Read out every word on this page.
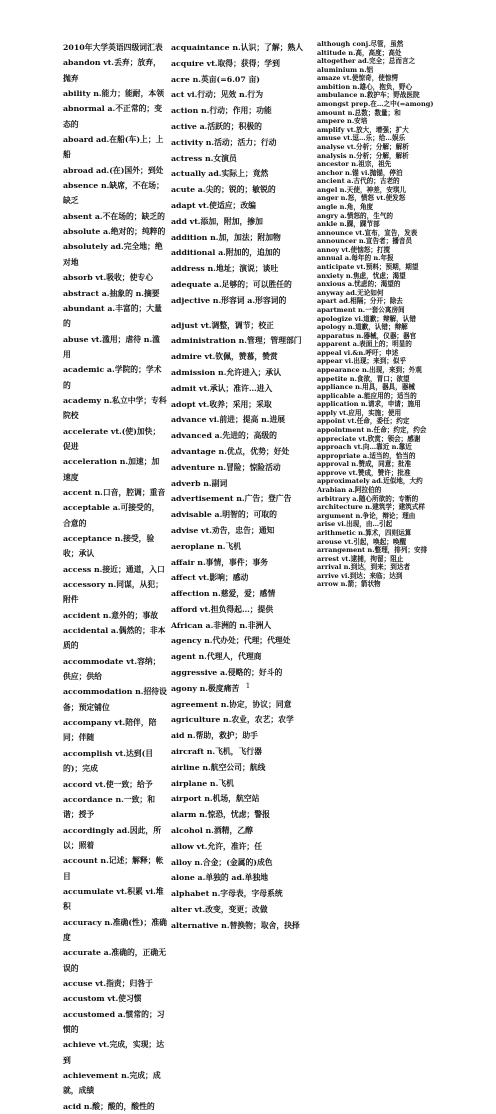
2010年大学英语四级词汇表
abandon vt.丢弃；放弃，抛弃
ability n.能力；能耐，本领
abnormal a.不正常的；变态的
aboard ad.在船(车)上；上船
abroad ad.(在)国外；到处
absence n.缺席，不在场；缺乏
absent a.不在场的；缺乏的
absolute a.绝对的；纯粹的
absolutely ad.完全地；绝对地
absorb vt.吸收；使专心
abstract a.抽象的 n.摘要
abundant a.丰富的；大量的
abuse vt.滥用；虐待 n.滥用
academic a.学院的；学术的
academy n.私立中学；专科院校
accelerate vt.(使)加快；促进
acceleration n.加速；加速度
accent n.口音，腔调；重音
acceptable a.可接受的，合意的
acceptance n.接受，验收；承认
access n.接近；通道，入口
accessory n.同谋，从犯；附件
accident n.意外的；事故
accidental a.偶然的；非本质的
accommodate vt.容纳；供应；供给
accommodation n.招待设备；预定铺位
accompany vt.陪伴，陪同；伴随
accomplish vt.达到(目的)；完成
accord vt.使一致；给予
accordance n.一致；和谐；授予
accordingly ad.因此，所以；照着
account n.记述；解释；帐目
accumulate vt.积累 vi.堆积
accuracy n.准确(性)；准确度
accurate a.准确的，正确无误的
accuse vt.指责；归咎于
accustom vt.使习惯
accustomed a.惯常的；习惯的
achieve vt.完成，实现；达到
achievement n.完成；成就，成绩
acid n.酸；酸的，酸性的
acquaintance n.认识；了解；熟人
acquire vt.取得；获得；学到
acre n.英亩(=6.07 亩)
act vi.行动；见效 n.行为
action n.行动；作用；功能
active a.活跃的；积极的
activity n.活动；活力；行动
actress n.女演员
actually ad.实际上；竟然
acute a.尖的；锐的；敏锐的
adapt vt.使适应；改编
add vt.添加，附加，掺加
addition n.加，加法；附加物
additional a.附加的，追加的
address n.地址；演说；谈吐
adequate a.足够的；可以胜任的
adjective n.形容词 a.形容词的
adjust vt.调整，调节；校正
administration n.管理；管理部门
admire vt.钦佩，赞慕，赞赏
admission n.允许进入；承认
admit vt.承认；准许…进入
adopt vt.收养；采用；采取
advance vi.前进；提高 n.进展
advanced a.先进的；高级的
advantage n.优点，优势；好处
adventure n.冒险；惊险活动
adverb n.副词
advertisement n.广告；登广告
advisable a.明智的；可取的
advise vt.劝告，忠告；通知
aeroplane n.飞机
affair n.事情，事件；事务
affect vt.影响；感动
affection n.慈爱，爱；感情
afford vt.担负得起…；提供
African a.非洲的 n.非洲人
agency n.代办处；代理；代理处
agent n.代理人，代理商
aggressive a.侵略的；好斗的
agony n.极度痛苦
agreement n.协定，协议；同意
agriculture n.农业，农艺；农学
aid n.帮助，救护；助手
aircraft n.飞机，飞行器
airline n.航空公司；航线
airplane n.飞机
airport n.机场，航空站
alarm n.惊恐，忧虑；警报
alcohol n.酒精，乙醇
allow vt.允许，准许；任
alloy n.合金；(金属的)成色
alone a.单独的 ad.单独地
alphabet n.字母表，字母系统
alter vt.改变，变更；改做
alternative n.替换物；取舍，抉择
although conj.尽管，虽然
altitude n.高，高度；高处
altogether ad.完全；总而言之
aluminium n.铝
amaze vt.使惊奇，使惊愕
ambition n.雄心，抱负，野心
ambulance n.救护车；野战医院
amongst prep.在…之中(=among)
amount n.总数；数量；和
ampere n.安培
amplify vt.放大，增强；扩大
amuse vt.逗…乐；给…娱乐
analyse vt.分析；分解；解析
analysis n.分析；分解，解析
ancestor n.祖宗，祖先
anchor n.锚 vi.抛锚，停泊
ancient a.古代的；古老的
angel n.天使，神差，安琪儿
anger n.怒，愤怒 vt.使发怒
angle n.角，角度
angry a.愤怒的，生气的
ankle n.踝，踝节部
announce vt.宣布，宣告，发表
announcer n.宣告者；播音员
annoy vt.使恼怒；打搅
annual a.每年的 n.年报
anticipate vt.预料；预期，期望
anxiety n.焦虑，忧虑；渴望
anxious a.忧虑的；渴望的
anyway ad.无论如何
apart ad.相隔；分开；除去
apartment n.一套公寓房间
apologize vi.道歉；辩解，认错
apology n.道歉，认错；辩解
apparatus n.器械，仪器；器官
apparent a.表面上的；明显的
appeal vi.&n.呼吁；申述
appear vi.出现；来到；似乎
appearance n.出现，来到；外观
appetite n.食欲，胃口；欲望
appliance n.用具，器具，器械
applicable a.能应用的；适当的
application n.请求，申请；施用
apply vt.应用，实施；使用
appoint vt.任命，委任；约定
appointment n.任命；约定，约会
appreciate vt.欣赏；领会；感谢
approach vt.向…靠近 n.靠近
appropriate a.适当的，恰当的
approval n.赞成，同意；批准
approve vt.赞成，赞许；批准
approximately ad.近似地，大约
Arabian a.阿拉伯的
arbitrary a.随心所欲的；专断的
architecture n.建筑学；建筑式样
argument n.争论，辩论；理由
arise vi.出现，由…引起
arithmetic n.算术，四则运算
arouse vt.引起，唤起；唤醒
arrangement n.整理，排列；安排
arrest vt.逮捕，拘留；阻止
arrival n.到达，到来；到达者
arrive vi.到达；来临；达到
arrow n.箭；箭状物
1
